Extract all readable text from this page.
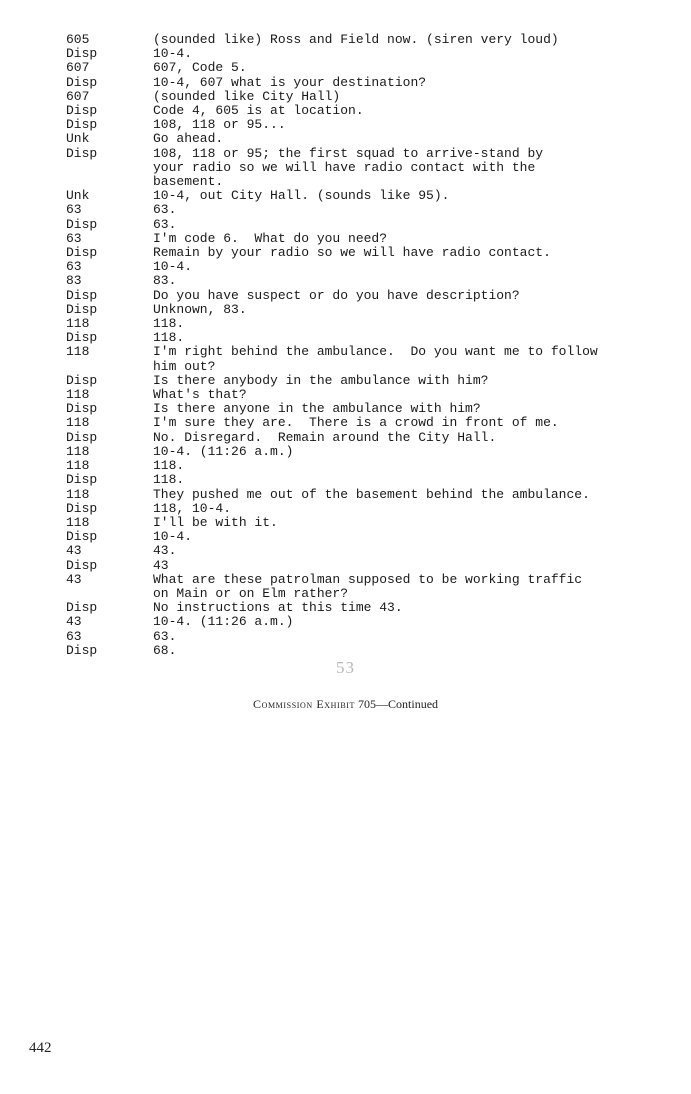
605	(sounded like) Ross and Field now. (siren very loud)
Disp	10-4.
607	607, Code 5.
Disp	10-4, 607 what is your destination?
607	(sounded like City Hall)
Disp	Code 4, 605 is at location.
Disp	108, 118 or 95...
Unk	Go ahead.
Disp	108, 118 or 95; the first squad to arrive-stand by
your radio so we will have radio contact with the
basement.
Unk	10-4, out City Hall. (sounds like 95).
63	63.
Disp	63.
63	I'm code 6.  What do you need?
Disp	Remain by your radio so we will have radio contact.
63	10-4.
83	83.
Disp	Do you have suspect or do you have description?
Disp	Unknown, 83.
118	118.
Disp	118.
118	I'm right behind the ambulance.  Do you want me to follow
him out?
Disp	Is there anybody in the ambulance with him?
118	What's that?
Disp	Is there anyone in the ambulance with him?
118	I'm sure they are.  There is a crowd in front of me.
Disp	No. Disregard.  Remain around the City Hall.
118	10-4. (11:26 a.m.)
118	118.
Disp	118.
118	They pushed me out of the basement behind the ambulance.
Disp	118, 10-4.
118	I'll be with it.
Disp	10-4.
43	43.
Disp	43
43	What are these patrolman supposed to be working traffic
on Main or on Elm rather?
Disp	No instructions at this time 43.
43	10-4. (11:26 a.m.)
63	63.
Disp	68.
53
Commission Exhibit 705—Continued
442
